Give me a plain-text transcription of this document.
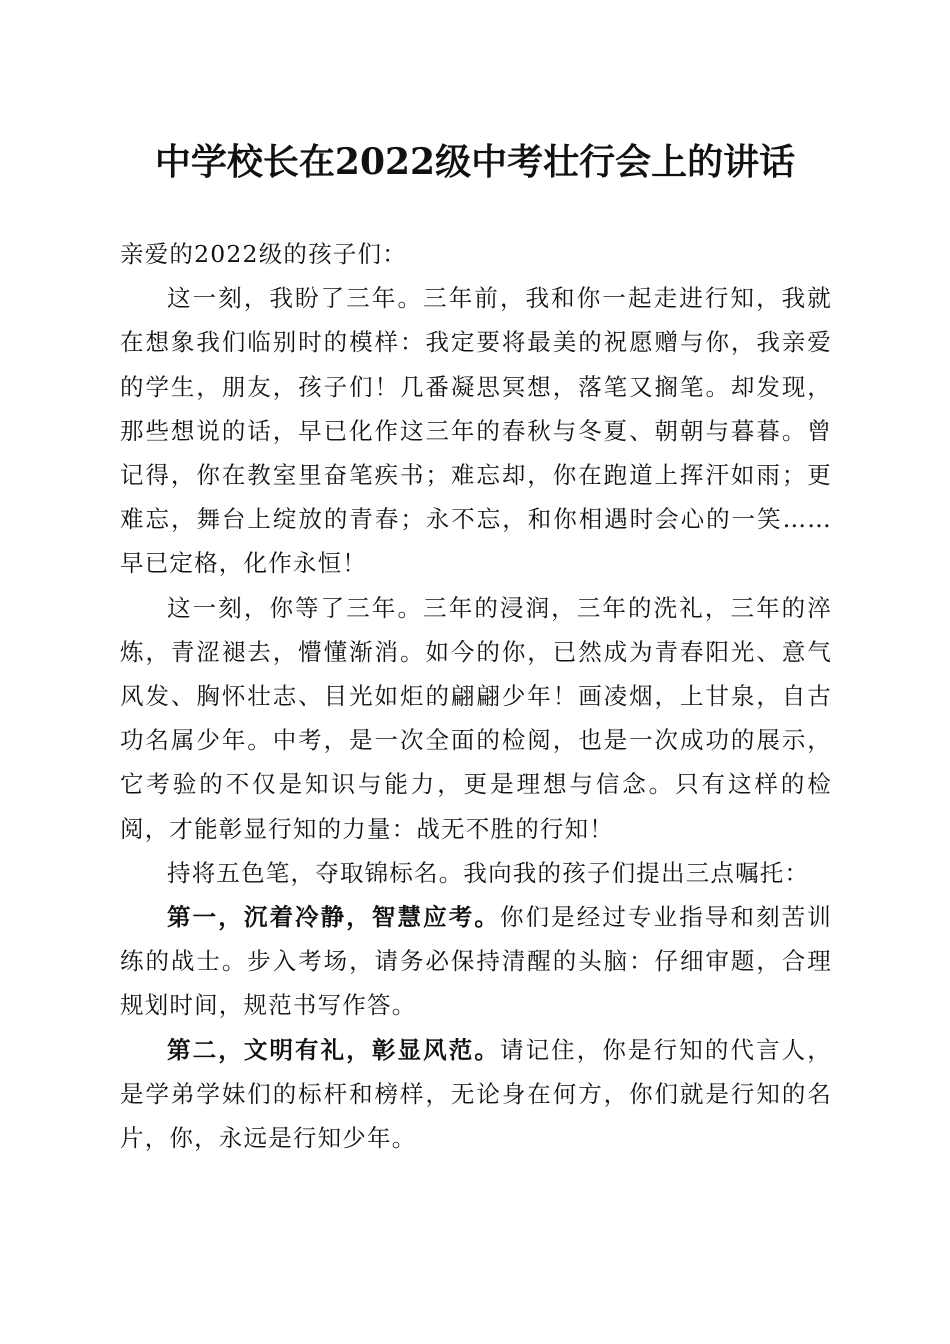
中学校长在2022级中考壮行会上的讲话

亲爱的2022级的孩子们：

这一刻，我盼了三年。三年前，我和你一起走进行知，我就在想象我们临别时的模样：我定要将最美的祝愿赠与你，我亲爱的学生，朋友，孩子们！几番凝思冥想，落笔又搁笔。却发现，那些想说的话，早已化作这三年的春秋与冬夏、朝朝与暮暮。曾记得，你在教室里奋笔疾书；难忘却，你在跑道上挥汗如雨；更难忘，舞台上绽放的青春；永不忘，和你相遇时会心的一笑……早已定格，化作永恒！

这一刻，你等了三年。三年的浸润，三年的洗礼，三年的淬炼，青涩褪去，懵懂渐消。如今的你，已然成为青春阳光、意气风发、胸怀壮志、目光如炬的翩翩少年！画凌烟，上甘泉，自古功名属少年。中考，是一次全面的检阅，也是一次成功的展示，它考验的不仅是知识与能力，更是理想与信念。只有这样的检阅，才能彰显行知的力量：战无不胜的行知！

持将五色笔，夺取锦标名。我向我的孩子们提出三点嘱托：

第一，沉着冷静，智慧应考。你们是经过专业指导和刻苦训练的战士。步入考场，请务必保持清醒的头脑：仔细审题，合理规划时间，规范书写作答。

第二，文明有礼，彰显风范。请记住，你是行知的代言人，是学弟学妹们的标杆和榜样，无论身在何方，你们就是行知的名片，你，永远是行知少年。
